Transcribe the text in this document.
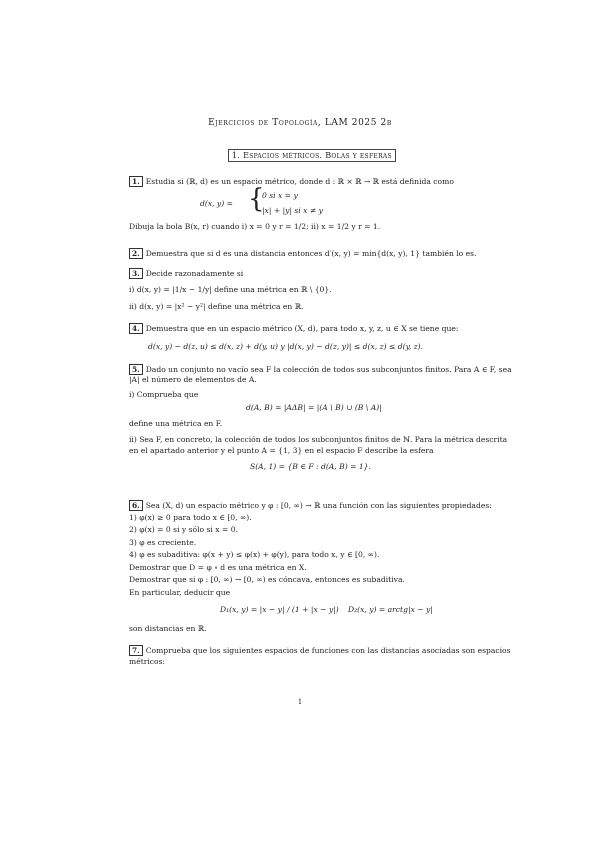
Ejercicios de Topología, LAM 2025 2b
1. Espacios métricos. Bolas y esferas
1. Estudia si (ℝ, d) es un espacio métrico, donde d : ℝ × ℝ → ℝ está definida como
d(x, y) = {
0 si x = y
|x| + |y| si x ≠ y
Dibuja la bola B(x, r) cuando i) x = 0 y r = 1/2; ii) x = 1/2 y r = 1.
2. Demuestra que si d es una distancia entonces d′(x, y) = min{d(x, y), 1} también lo es.
3. Decide razonadamente si
i) d(x, y) = |1/x − 1/y| define una métrica en ℝ \ {0}.
ii) d(x, y) = |x² − y²| define una métrica en ℝ.
4. Demuestra que en un espacio métrico (X, d), para todo x, y, z, u ∈ X se tiene que:
d(x, y) − d(z, u) ≤ d(x, z) + d(y, u) y |d(x, y) − d(z, y)| ≤ d(x, z) ≤ d(y, z).
5. Dado un conjunto no vacío sea F la colección de todos sus subconjuntos finitos. Para A ∈ F, sea
|A| el número de elementos de A.
i) Comprueba que
d(A, B) = |AΔB| = |(A \ B) ∪ (B \ A)|
define una métrica en F.
ii) Sea F, en concreto, la colección de todos los subconjuntos finitos de ℕ. Para la métrica descrita
en el apartado anterior y el punto A = {1, 3} en el espacio F describe la esfera
S(A, 1) = {B ∈ F : d(A, B) = 1}.
6. Sea (X, d) un espacio métrico y φ : [0, ∞) → ℝ una función con las siguientes propiedades:
1) φ(x) ≥ 0 para todo x ∈ [0, ∞).
2) φ(x) = 0 si y sólo si x = 0.
3) φ es creciente.
4) φ es subaditiva: φ(x + y) ≤ φ(x) + φ(y), para todo x, y ∈ [0, ∞).
Demostrar que D = φ ∘ d es una métrica en X.
Demostrar que si φ : [0, ∞) → [0, ∞) es cóncava, entonces es subaditiva.
En particular, deducir que
D₁(x, y) = |x − y| / (1 + |x − y|) D₂(x, y) = arctg|x − y|
son distancias en ℝ.
7. Comprueba que los siguientes espacios de funciones con las distancias asociadas son espacios
métricos:
1
